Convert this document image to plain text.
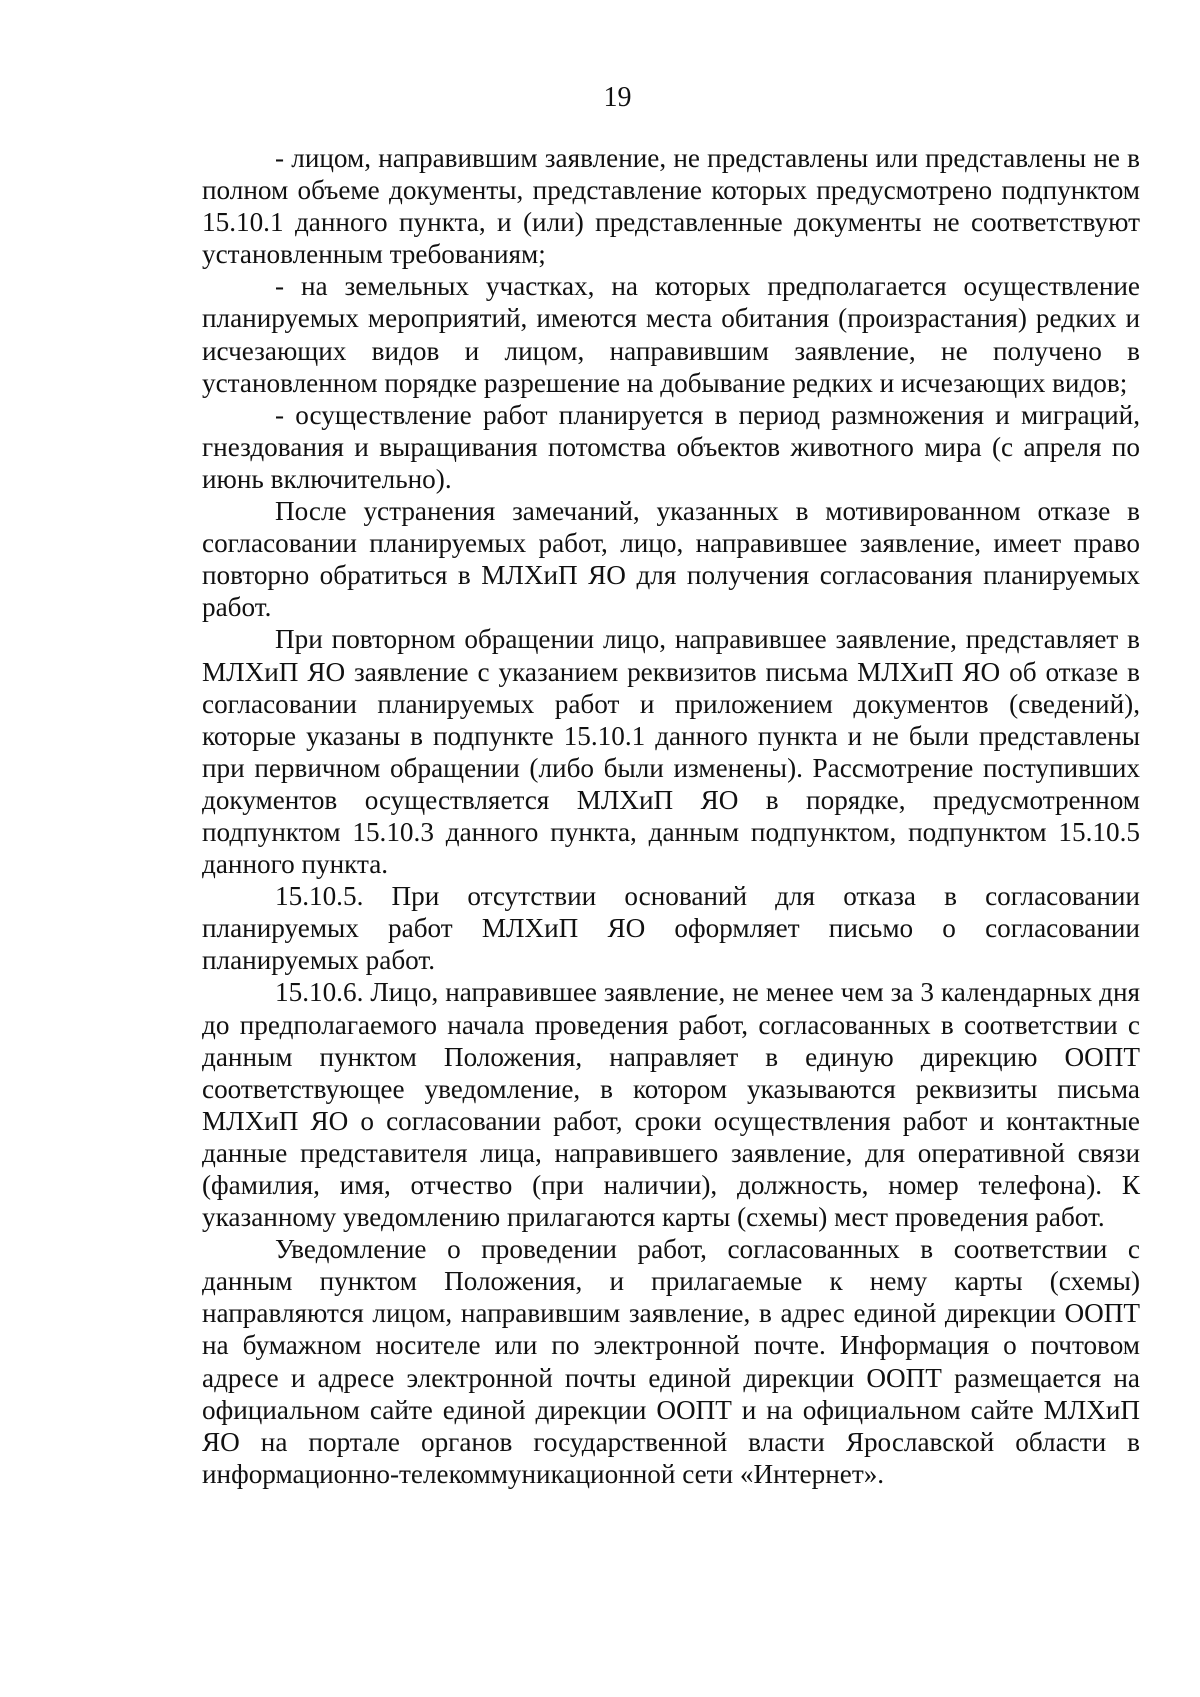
19

- лицом, направившим заявление, не представлены или представлены не в полном объеме документы, представление которых предусмотрено подпунктом 15.10.1 данного пункта, и (или) представленные документы не соответствуют установленным требованиям;

- на земельных участках, на которых предполагается осуществление планируемых мероприятий, имеются места обитания (произрастания) редких и исчезающих видов и лицом, направившим заявление, не получено в установленном порядке разрешение на добывание редких и исчезающих видов;

- осуществление работ планируется в период размножения и миграций, гнездования и выращивания потомства объектов животного мира (с апреля по июнь включительно).

После устранения замечаний, указанных в мотивированном отказе в согласовании планируемых работ, лицо, направившее заявление, имеет право повторно обратиться в МЛХиП ЯО для получения согласования планируемых работ.

При повторном обращении лицо, направившее заявление, представляет в МЛХиП ЯО заявление с указанием реквизитов письма МЛХиП ЯО об отказе в согласовании планируемых работ и приложением документов (сведений), которые указаны в подпункте 15.10.1 данного пункта и не были представлены при первичном обращении (либо были изменены). Рассмотрение поступивших документов осуществляется МЛХиП ЯО в порядке, предусмотренном подпунктом 15.10.3 данного пункта, данным подпунктом, подпунктом 15.10.5 данного пункта.

15.10.5. При отсутствии оснований для отказа в согласовании планируемых работ МЛХиП ЯО оформляет письмо о согласовании планируемых работ.

15.10.6. Лицо, направившее заявление, не менее чем за 3 календарных дня до предполагаемого начала проведения работ, согласованных в соответствии с данным пунктом Положения, направляет в единую дирекцию ООПТ соответствующее уведомление, в котором указываются реквизиты письма МЛХиП ЯО о согласовании работ, сроки осуществления работ и контактные данные представителя лица, направившего заявление, для оперативной связи (фамилия, имя, отчество (при наличии), должность, номер телефона). К указанному уведомлению прилагаются карты (схемы) мест проведения работ.

Уведомление о проведении работ, согласованных в соответствии с данным пунктом Положения, и прилагаемые к нему карты (схемы) направляются лицом, направившим заявление, в адрес единой дирекции ООПТ на бумажном носителе или по электронной почте. Информация о почтовом адресе и адресе электронной почты единой дирекции ООПТ размещается на официальном сайте единой дирекции ООПТ и на официальном сайте МЛХиП ЯО на портале органов государственной власти Ярославской области в информационно-телекоммуникационной сети «Интернет».
